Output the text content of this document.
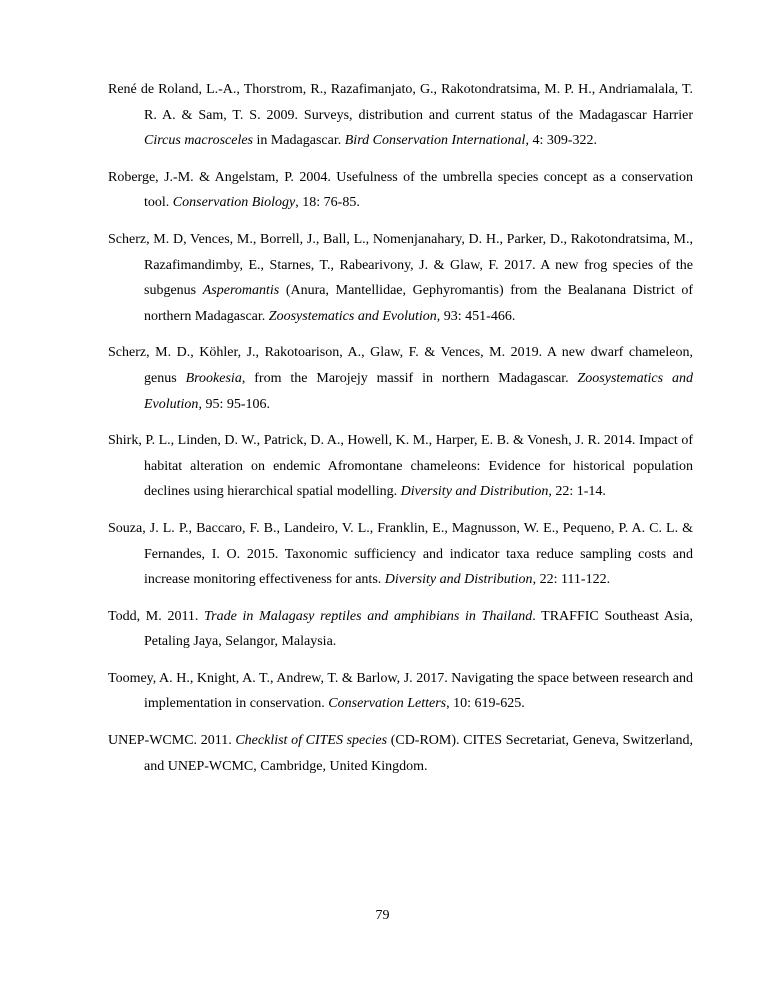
René de Roland, L.-A., Thorstrom, R., Razafimanjato, G., Rakotondratsima, M. P. H., Andriamalala, T. R. A. & Sam, T. S. 2009. Surveys, distribution and current status of the Madagascar Harrier Circus macrosceles in Madagascar. Bird Conservation International, 4: 309-322.

Roberge, J.-M. & Angelstam, P. 2004. Usefulness of the umbrella species concept as a conservation tool. Conservation Biology, 18: 76-85.

Scherz, M. D, Vences, M., Borrell, J., Ball, L., Nomenjanahary, D. H., Parker, D., Rakotondratsima, M., Razafimandimby, E., Starnes, T., Rabearivony, J. & Glaw, F. 2017. A new frog species of the subgenus Asperomantis (Anura, Mantellidae, Gephyromantis) from the Bealanana District of northern Madagascar. Zoosystematics and Evolution, 93: 451-466.

Scherz, M. D., Köhler, J., Rakotoarison, A., Glaw, F. & Vences, M. 2019. A new dwarf chameleon, genus Brookesia, from the Marojejy massif in northern Madagascar. Zoosystematics and Evolution, 95: 95-106.

Shirk, P. L., Linden, D. W., Patrick, D. A., Howell, K. M., Harper, E. B. & Vonesh, J. R. 2014. Impact of habitat alteration on endemic Afromontane chameleons: Evidence for historical population declines using hierarchical spatial modelling. Diversity and Distribution, 22: 1-14.

Souza, J. L. P., Baccaro, F. B., Landeiro, V. L., Franklin, E., Magnusson, W. E., Pequeno, P. A. C. L. & Fernandes, I. O. 2015. Taxonomic sufficiency and indicator taxa reduce sampling costs and increase monitoring effectiveness for ants. Diversity and Distribution, 22: 111-122.

Todd, M. 2011. Trade in Malagasy reptiles and amphibians in Thailand. TRAFFIC Southeast Asia, Petaling Jaya, Selangor, Malaysia.

Toomey, A. H., Knight, A. T., Andrew, T. & Barlow, J. 2017. Navigating the space between research and implementation in conservation. Conservation Letters, 10: 619-625.

UNEP-WCMC. 2011. Checklist of CITES species (CD-ROM). CITES Secretariat, Geneva, Switzerland, and UNEP-WCMC, Cambridge, United Kingdom.

79
